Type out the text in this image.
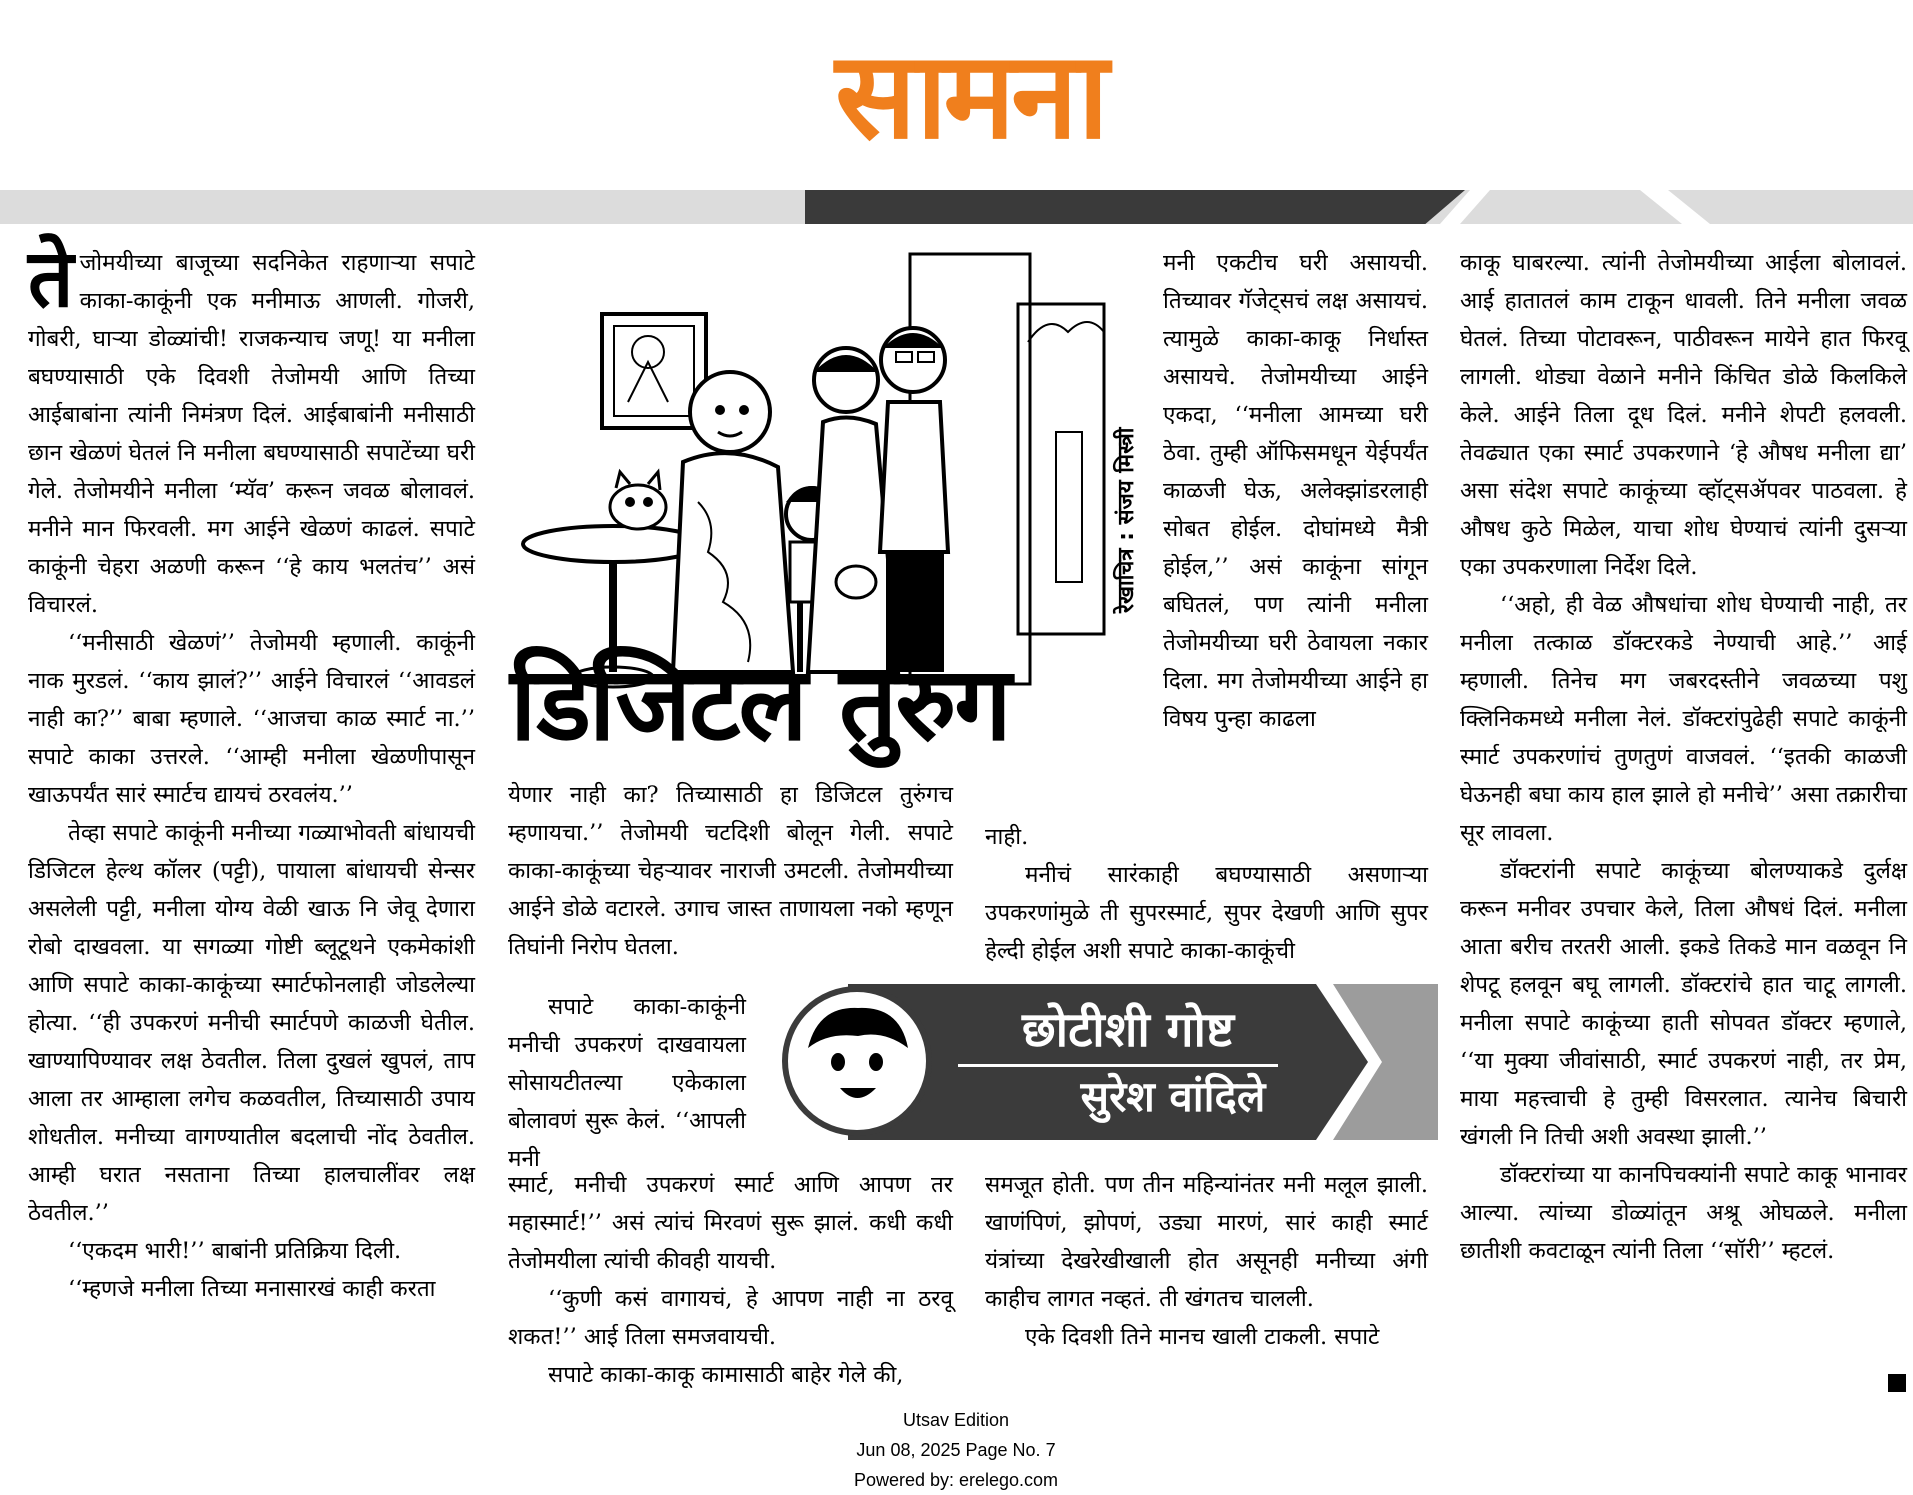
सामना

तेजोमयीच्या बाजूच्या सदनिकेत राहणाऱ्या सपाटे काका-काकूंनी एक मनीमाऊ आणली. गोजरी, गोबरी, घाऱ्या डोळ्यांची! राजकन्याच जणू! या मनीला बघण्यासाठी एके दिवशी तेजोमयी आणि तिच्या आईबाबांना त्यांनी निमंत्रण दिलं. आईबाबांनी मनीसाठी छान खेळणं घेतलं नि मनीला बघण्यासाठी सपाटेंच्या घरी गेले. तेजोमयीने मनीला ‘म्यॅव’ करून जवळ बोलावलं. मनीने मान फिरवली. मग आईने खेळणं काढलं. सपाटे काकूंनी चेहरा अळणी करून ‘‘हे काय भलतंच’’ असं विचारलं.

‘‘मनीसाठी खेळणं’’ तेजोमयी म्हणाली. काकूंनी नाक मुरडलं. ‘‘काय झालं?’’ आईने विचारलं ‘‘आवडलं नाही का?’’ बाबा म्हणाले. ‘‘आजचा काळ स्मार्ट ना.’’ सपाटे काका उत्तरले. ‘‘आम्ही मनीला खेळणीपासून खाऊपर्यंत सारं स्मार्टच द्यायचं ठरवलंय.’’

तेव्हा सपाटे काकूंनी मनीच्या गळ्याभोवती बांधायची डिजिटल हेल्थ कॉलर (पट्टी), पायाला बांधायची सेन्सर असलेली पट्टी, मनीला योग्य वेळी खाऊ नि जेवू देणारा रोबो दाखवला. या सगळ्या गोष्टी ब्लूटूथने एकमेकांशी आणि सपाटे काका-काकूंच्या स्मार्टफोनलाही जोडलेल्या होत्या. ‘‘ही उपकरणं मनीची स्मार्टपणे काळजी घेतील. खाण्यापिण्यावर लक्ष ठेवतील. तिला दुखलं खुपलं, ताप आला तर आम्हाला लगेच कळवतील, तिच्यासाठी उपाय शोधतील. मनीच्या वागण्यातील बदलाची नोंद ठेवतील. आम्ही घरात नसताना तिच्या हालचालींवर लक्ष ठेवतील.’’

‘‘एकदम भारी!’’ बाबांनी प्रतिक्रिया दिली.

‘‘म्हणजे मनीला तिच्या मनासारखं काही करता

रेखाचित्र : संजय मिस्त्री
डिजिटल तुरुंग

येणार नाही का? तिच्यासाठी हा डिजिटल तुरुंगच म्हणायचा.’’ तेजोमयी चटदिशी बोलून गेली. सपाटे काका-काकूंच्या चेहऱ्यावर नाराजी उमटली. तेजोमयीच्या आईने डोळे वटारले. उगाच जास्त ताणायला नको म्हणून तिघांनी निरोप घेतला.

सपाटे काका-काकूंनी मनीची उपकरणं दाखवायला सोसायटीतल्या एकेकाला बोलावणं सुरू केलं. ‘‘आपली मनी

स्मार्ट, मनीची उपकरणं स्मार्ट आणि आपण तर महास्मार्ट!’’ असं त्यांचं मिरवणं सुरू झालं. कधी कधी तेजोमयीला त्यांची कीवही यायची.

‘‘कुणी कसं वागायचं, हे आपण नाही ना ठरवू शकत!’’ आई तिला समजवायची.

सपाटे काका-काकू कामासाठी बाहेर गेले की,

मनी एकटीच घरी असायची. तिच्यावर गॅजेट्सचं लक्ष असायचं. त्यामुळे काका-काकू निर्धास्त असायचे. तेजोमयीच्या आईने एकदा, ‘‘मनीला आमच्या घरी ठेवा. तुम्ही ऑफिसमधून येईपर्यंत काळजी घेऊ, अलेक्झांडरलाही सोबत होईल. दोघांमध्ये मैत्री होईल,’’ असं काकूंना सांगून बघितलं, पण त्यांनी मनीला तेजोमयीच्या घरी ठेवायला नकार दिला. मग तेजोमयीच्या आईने हा विषय पुन्हा काढला

नाही.

मनीचं सारंकाही बघण्यासाठी असणाऱ्या उपकरणांमुळे ती सुपरस्मार्ट, सुपर देखणी आणि सुपर हेल्दी होईल अशी सपाटे काका-काकूंची

समजूत होती. पण तीन महिन्यांनंतर मनी मलूल झाली. खाणंपिणं, झोपणं, उड्या मारणं, सारं काही स्मार्ट यंत्रांच्या देखरेखीखाली होत असूनही मनीच्या अंगी काहीच लागत नव्हतं. ती खंगतच चालली.

एके दिवशी तिने मानच खाली टाकली. सपाटे

छोटीशी गोष्ट
सुरेश वांदिले

काकू घाबरल्या. त्यांनी तेजोमयीच्या आईला बोलावलं. आई हातातलं काम टाकून धावली. तिने मनीला जवळ घेतलं. तिच्या पोटावरून, पाठीवरून मायेने हात फिरवू लागली. थोड्या वेळाने मनीने किंचित डोळे किलकिले केले. आईने तिला दूध दिलं. मनीने शेपटी हलवली. तेवढ्यात एका स्मार्ट उपकरणाने ‘हे औषध मनीला द्या’ असा संदेश सपाटे काकूंच्या व्हॉट्सॲपवर पाठवला. हे औषध कुठे मिळेल, याचा शोध घेण्याचं त्यांनी दुसऱ्या एका उपकरणाला निर्देश दिले.

‘‘अहो, ही वेळ औषधांचा शोध घेण्याची नाही, तर मनीला तत्काळ डॉक्टरकडे नेण्याची आहे.’’ आई म्हणाली. तिनेच मग जबरदस्तीने जवळच्या पशु क्लिनिकमध्ये मनीला नेलं. डॉक्टरांपुढेही सपाटे काकूंनी स्मार्ट उपकरणांचं तुणतुणं वाजवलं. ‘‘इतकी काळजी घेऊनही बघा काय हाल झाले हो मनीचे’’ असा तक्रारीचा सूर लावला.

डॉक्टरांनी सपाटे काकूंच्या बोलण्याकडे दुर्लक्ष करून मनीवर उपचार केले, तिला औषधं दिलं. मनीला आता बरीच तरतरी आली. इकडे तिकडे मान वळवून नि शेपटू हलवून बघू लागली. डॉक्टरांचे हात चाटू लागली. मनीला सपाटे काकूंच्या हाती सोपवत डॉक्टर म्हणाले, ‘‘या मुक्या जीवांसाठी, स्मार्ट उपकरणं नाही, तर प्रेम, माया महत्त्वाची हे तुम्ही विसरलात. त्यानेच बिचारी खंगली नि तिची अशी अवस्था झाली.’’

डॉक्टरांच्या या कानपिचक्यांनी सपाटे काकू भानावर आल्या. त्यांच्या डोळ्यांतून अश्रू ओघळले. मनीला छातीशी कवटाळून त्यांनी तिला ‘‘सॉरी’’ म्हटलं.

Utsav Edition
Jun 08, 2025 Page No. 7
Powered by: erelego.com
